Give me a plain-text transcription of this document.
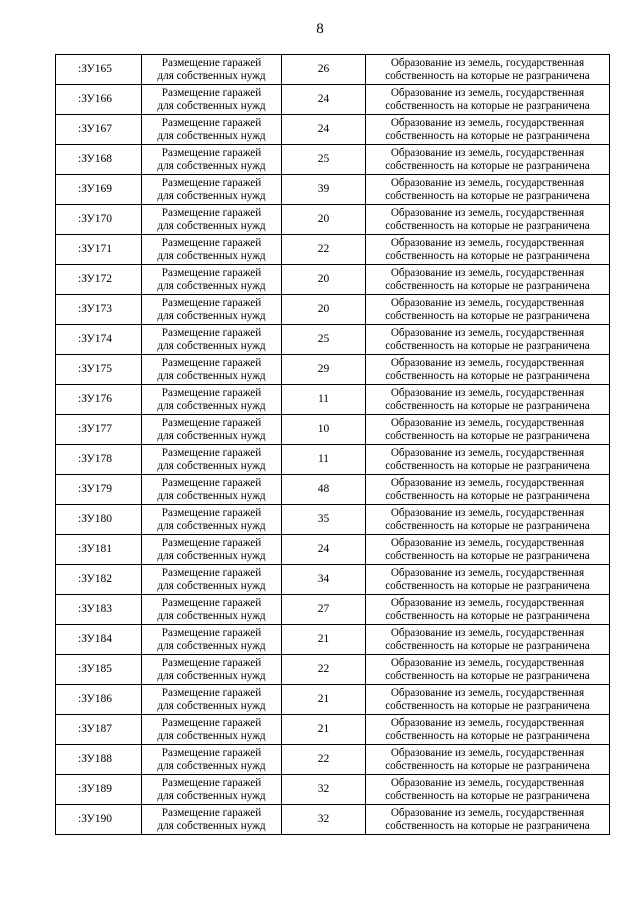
8
:ЗУ165	Размещение гаражей
для собственных нужд	26	Образование из земель, государственная
собственность на которые не разграничена

:ЗУ166	Размещение гаражей
для собственных нужд	24	Образование из земель, государственная
собственность на которые не разграничена

:ЗУ167	Размещение гаражей
для собственных нужд	24	Образование из земель, государственная
собственность на которые не разграничена

:ЗУ168	Размещение гаражей
для собственных нужд	25	Образование из земель, государственная
собственность на которые не разграничена

:ЗУ169	Размещение гаражей
для собственных нужд	39	Образование из земель, государственная
собственность на которые не разграничена

:ЗУ170	Размещение гаражей
для собственных нужд	20	Образование из земель, государственная
собственность на которые не разграничена

:ЗУ171	Размещение гаражей
для собственных нужд	22	Образование из земель, государственная
собственность на которые не разграничена

:ЗУ172	Размещение гаражей
для собственных нужд	20	Образование из земель, государственная
собственность на которые не разграничена

:ЗУ173	Размещение гаражей
для собственных нужд	20	Образование из земель, государственная
собственность на которые не разграничена

:ЗУ174	Размещение гаражей
для собственных нужд	25	Образование из земель, государственная
собственность на которые не разграничена

:ЗУ175	Размещение гаражей
для собственных нужд	29	Образование из земель, государственная
собственность на которые не разграничена

:ЗУ176	Размещение гаражей
для собственных нужд	11	Образование из земель, государственная
собственность на которые не разграничена

:ЗУ177	Размещение гаражей
для собственных нужд	10	Образование из земель, государственная
собственность на которые не разграничена

:ЗУ178	Размещение гаражей
для собственных нужд	11	Образование из земель, государственная
собственность на которые не разграничена

:ЗУ179	Размещение гаражей
для собственных нужд	48	Образование из земель, государственная
собственность на которые не разграничена

:ЗУ180	Размещение гаражей
для собственных нужд	35	Образование из земель, государственная
собственность на которые не разграничена

:ЗУ181	Размещение гаражей
для собственных нужд	24	Образование из земель, государственная
собственность на которые не разграничена

:ЗУ182	Размещение гаражей
для собственных нужд	34	Образование из земель, государственная
собственность на которые не разграничена

:ЗУ183	Размещение гаражей
для собственных нужд	27	Образование из земель, государственная
собственность на которые не разграничена

:ЗУ184	Размещение гаражей
для собственных нужд	21	Образование из земель, государственная
собственность на которые не разграничена

:ЗУ185	Размещение гаражей
для собственных нужд	22	Образование из земель, государственная
собственность на которые не разграничена

:ЗУ186	Размещение гаражей
для собственных нужд	21	Образование из земель, государственная
собственность на которые не разграничена

:ЗУ187	Размещение гаражей
для собственных нужд	21	Образование из земель, государственная
собственность на которые не разграничена

:ЗУ188	Размещение гаражей
для собственных нужд	22	Образование из земель, государственная
собственность на которые не разграничена

:ЗУ189	Размещение гаражей
для собственных нужд	32	Образование из земель, государственная
собственность на которые не разграничена

:ЗУ190	Размещение гаражей
для собственных нужд	32	Образование из земель, государственная
собственность на которые не разграничена
